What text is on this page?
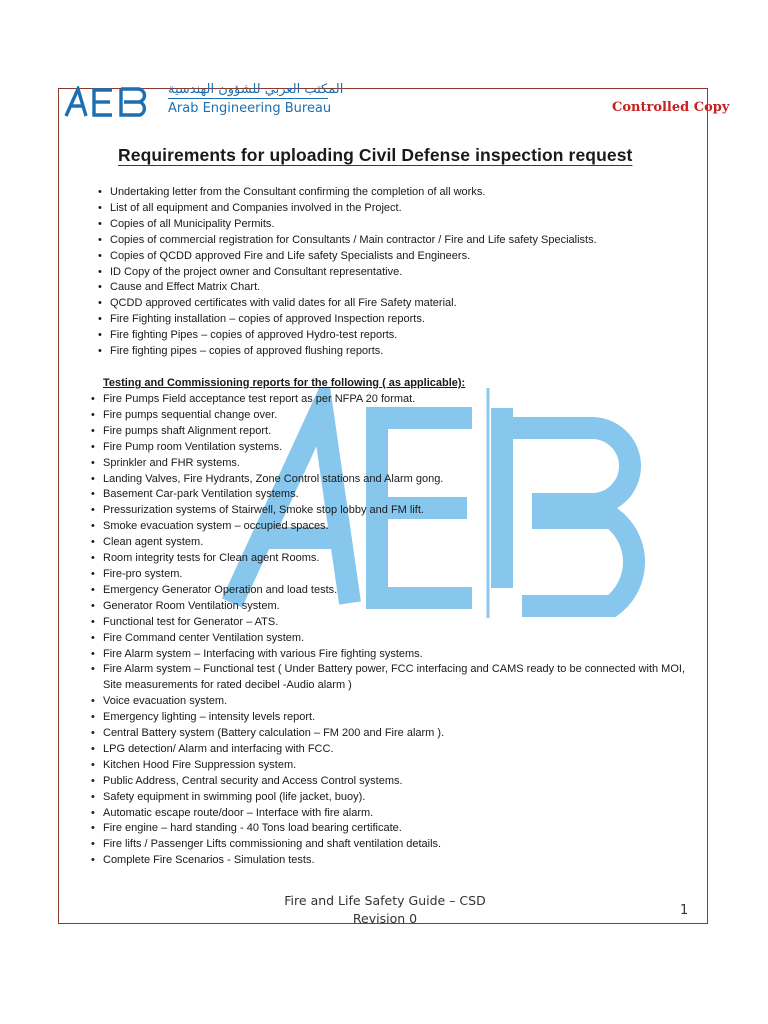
المكتب العربي للشؤون الهندسية
Arab Engineering Bureau	Controlled Copy
Requirements for uploading Civil Defense inspection request
• Undertaking letter from the Consultant confirming the completion of all works.
• List of all equipment and Companies involved in the Project.
• Copies of all Municipality Permits.
• Copies of commercial registration for Consultants / Main contractor / Fire and Life safety Specialists.
• Copies of QCDD approved Fire and Life safety Specialists and Engineers.
• ID Copy of the project owner and Consultant representative.
• Cause and Effect Matrix Chart.
• QCDD approved certificates with valid dates for all Fire Safety material.
• Fire Fighting installation – copies of approved Inspection reports.
• Fire fighting Pipes – copies of approved Hydro-test reports.
• Fire fighting pipes – copies of approved flushing reports.
Testing and Commissioning reports for the following ( as applicable):
• Fire Pumps Field acceptance test report as per NFPA 20 format.
• Fire pumps sequential change over.
• Fire pumps shaft Alignment report.
• Fire Pump room Ventilation systems.
• Sprinkler and FHR systems.
• Landing Valves, Fire Hydrants, Zone Control stations and Alarm gong.
• Basement Car-park Ventilation systems.
• Pressurization systems of Stairwell, Smoke stop lobby and FM lift.
• Smoke evacuation system – occupied spaces.
• Clean agent system.
• Room integrity tests for Clean agent Rooms.
• Fire-pro system.
• Emergency Generator Operation and load tests.
• Generator Room Ventilation system.
• Functional test for Generator – ATS.
• Fire Command center Ventilation system.
• Fire Alarm system – Interfacing with various Fire fighting systems.
• Fire Alarm system – Functional test ( Under Battery power, FCC interfacing and CAMS ready to be connected with MOI, Site measurements for rated decibel -Audio alarm )
• Voice evacuation system.
• Emergency lighting – intensity levels report.
• Central Battery system (Battery calculation – FM 200 and Fire alarm ).
• LPG detection/ Alarm and interfacing with FCC.
• Kitchen Hood Fire Suppression system.
• Public Address, Central security and Access Control systems.
• Safety equipment in swimming pool (life jacket, buoy).
• Automatic escape route/door – Interface with fire alarm.
• Fire engine – hard standing - 40 Tons load bearing certificate.
• Fire lifts / Passenger Lifts commissioning and shaft ventilation details.
• Complete Fire Scenarios - Simulation tests.
Fire and Life Safety Guide – CSD
Revision 0
1
